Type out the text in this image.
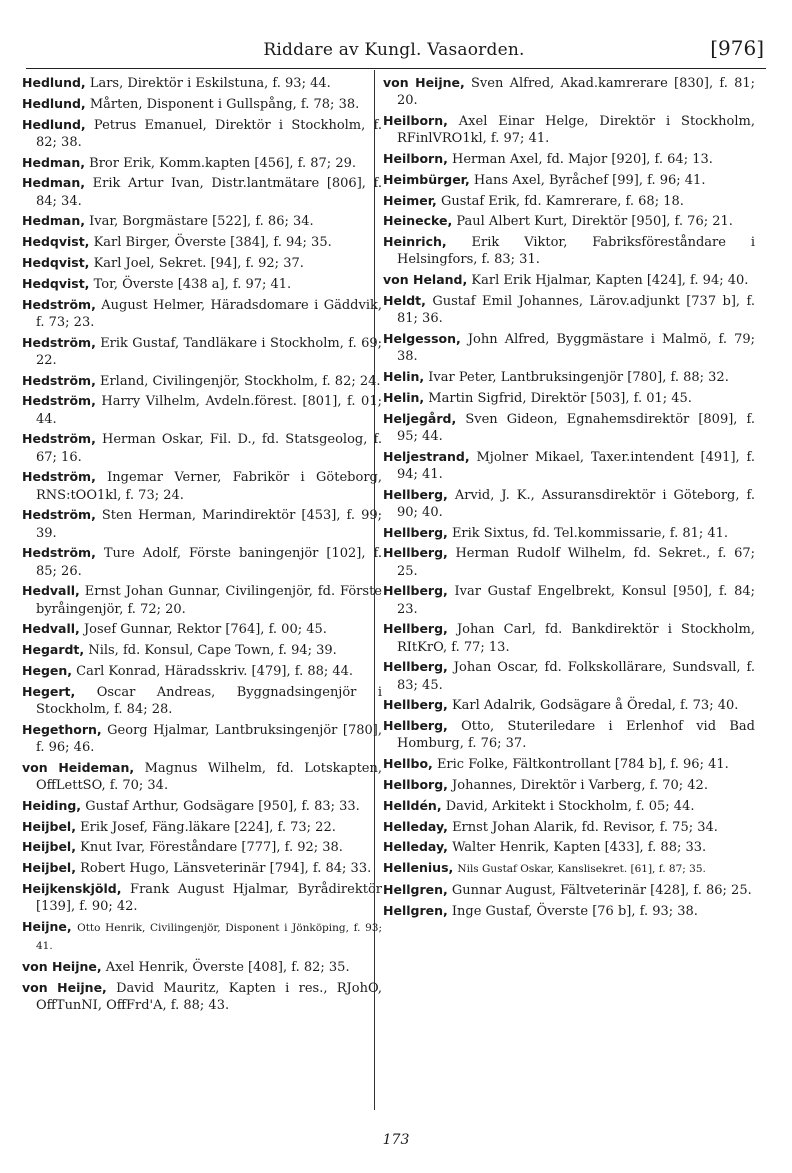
Riddare av Kungl. Vasaorden.	[976]
Hedlund, Lars, Direktör i Eskilstuna, f. 93; 44.
Hedlund, Mårten, Disponent i Gullspång, f. 78; 38.
Hedlund, Petrus Emanuel, Direktör i Stockholm, f. 82; 38.
Hedman, Bror Erik, Komm.kapten [456], f. 87; 29.
Hedman, Erik Artur Ivan, Distr.lantmätare [806], f. 84; 34.
Hedman, Ivar, Borgmästare [522], f. 86; 34.
Hedqvist, Karl Birger, Överste [384], f. 94; 35.
Hedqvist, Karl Joel, Sekret. [94], f. 92; 37.
Hedqvist, Tor, Överste [438 a], f. 97; 41.
Hedström, August Helmer, Häradsdomare i Gäddvik, f. 73; 23.
Hedström, Erik Gustaf, Tandläkare i Stockholm, f. 69; 22.
Hedström, Erland, Civilingenjör, Stockholm, f. 82; 24.
Hedström, Harry Vilhelm, Avdeln.förest. [801], f. 01; 44.
Hedström, Herman Oskar, Fil. D., fd. Statsgeolog, f. 67; 16.
Hedström, Ingemar Verner, Fabrikör i Göteborg, RNS:tOO1kl, f. 73; 24.
Hedström, Sten Herman, Marindirektör [453], f. 99; 39.
Hedström, Ture Adolf, Förste baningenjör [102], f. 85; 26.
Hedvall, Ernst Johan Gunnar, Civilingenjör, fd. Förste byråingenjör, f. 72; 20.
Hedvall, Josef Gunnar, Rektor [764], f. 00; 45.
Hegardt, Nils, fd. Konsul, Cape Town, f. 94; 39.
Hegen, Carl Konrad, Häradsskriv. [479], f. 88; 44.
Hegert, Oscar Andreas, Byggnadsingenjör i Stockholm, f. 84; 28.
Hegethorn, Georg Hjalmar, Lantbruksingenjör [780], f. 96; 46.
von Heideman, Magnus Wilhelm, fd. Lotskapten, OffLettSO, f. 70; 34.
Heiding, Gustaf Arthur, Godsägare [950], f. 83; 33.
Heijbel, Erik Josef, Fäng.läkare [224], f. 73; 22.
Heijbel, Knut Ivar, Föreståndare [777], f. 92; 38.
Heijbel, Robert Hugo, Länsveterinär [794], f. 84; 33.
Heijkenskjöld, Frank August Hjalmar, Byrådirektör [139], f. 90; 42.
Heijne, Otto Henrik, Civilingenjör, Disponent i Jönköping, f. 93; 41.
von Heijne, Axel Henrik, Överste [408], f. 82; 35.
von Heijne, David Mauritz, Kapten i res., RJohO, OffTunNI, OffFrd'A, f. 88; 43.
von Heijne, Sven Alfred, Akad.kamrerare [830], f. 81; 20.
Heilborn, Axel Einar Helge, Direktör i Stockholm, RFinlVRO1kl, f. 97; 41.
Heilborn, Herman Axel, fd. Major [920], f. 64; 13.
Heimbürger, Hans Axel, Byråchef [99], f. 96; 41.
Heimer, Gustaf Erik, fd. Kamrerare, f. 68; 18.
Heinecke, Paul Albert Kurt, Direktör [950], f. 76; 21.
Heinrich, Erik Viktor, Fabriksföreståndare i Helsingfors, f. 83; 31.
von Heland, Karl Erik Hjalmar, Kapten [424], f. 94; 40.
Heldt, Gustaf Emil Johannes, Lärov.adjunkt [737 b], f. 81; 36.
Helgesson, John Alfred, Byggmästare i Malmö, f. 79; 38.
Helin, Ivar Peter, Lantbruksingenjör [780], f. 88; 32.
Helin, Martin Sigfrid, Direktör [503], f. 01; 45.
Heljegård, Sven Gideon, Egnahemsdirektör [809], f. 95; 44.
Heljestrand, Mjolner Mikael, Taxer.intendent [491], f. 94; 41.
Hellberg, Arvid, J. K., Assuransdirektör i Göteborg, f. 90; 40.
Hellberg, Erik Sixtus, fd. Tel.kommissarie, f. 81; 41.
Hellberg, Herman Rudolf Wilhelm, fd. Sekret., f. 67; 25.
Hellberg, Ivar Gustaf Engelbrekt, Konsul [950], f. 84; 23.
Hellberg, Johan Carl, fd. Bankdirektör i Stockholm, RItKrO, f. 77; 13.
Hellberg, Johan Oscar, fd. Folkskollärare, Sundsvall, f. 83; 45.
Hellberg, Karl Adalrik, Godsägare å Öredal, f. 73; 40.
Hellberg, Otto, Stuteriledare i Erlenhof vid Bad Homburg, f. 76; 37.
Hellbo, Eric Folke, Fältkontrollant [784 b], f. 96; 41.
Hellborg, Johannes, Direktör i Varberg, f. 70; 42.
Helldén, David, Arkitekt i Stockholm, f. 05; 44.
Helleday, Ernst Johan Alarik, fd. Revisor, f. 75; 34.
Helleday, Walter Henrik, Kapten [433], f. 88; 33.
Hellenius, Nils Gustaf Oskar, Kanslisekret. [61], f. 87; 35.
Hellgren, Gunnar August, Fältveterinär [428], f. 86; 25.
Hellgren, Inge Gustaf, Överste [76 b], f. 93; 38.
173
